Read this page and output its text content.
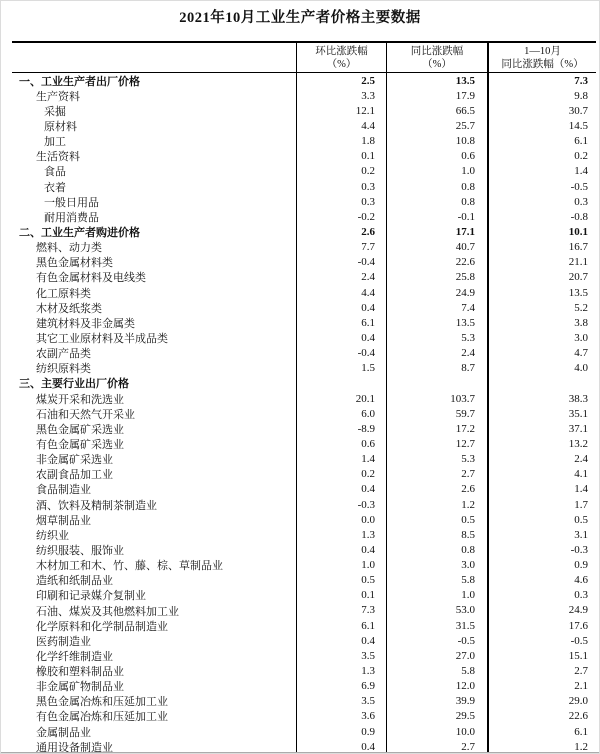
2021年10月工业生产者价格主要数据
环比涨跌幅
（%）
同比涨跌幅
（%）
1—10月
同比涨跌幅（%）
一、工业生产者出厂价格	2.5	13.5	7.3
生产资料	3.3	17.9	9.8
采掘	12.1	66.5	30.7
原材料	4.4	25.7	14.5
加工	1.8	10.8	6.1
生活资料	0.1	0.6	0.2
食品	0.2	1.0	1.4
衣着	0.3	0.8	-0.5
一般日用品	0.3	0.8	0.3
耐用消费品	-0.2	-0.1	-0.8
二、工业生产者购进价格	2.6	17.1	10.1
燃料、动力类	7.7	40.7	16.7
黑色金属材料类	-0.4	22.6	21.1
有色金属材料及电线类	2.4	25.8	20.7
化工原料类	4.4	24.9	13.5
木材及纸浆类	0.4	7.4	5.2
建筑材料及非金属类	6.1	13.5	3.8
其它工业原材料及半成品类	0.4	5.3	3.0
农副产品类	-0.4	2.4	4.7
纺织原料类	1.5	8.7	4.0
三、主要行业出厂价格
煤炭开采和洗选业	20.1	103.7	38.3
石油和天然气开采业	6.0	59.7	35.1
黑色金属矿采选业	-8.9	17.2	37.1
有色金属矿采选业	0.6	12.7	13.2
非金属矿采选业	1.4	5.3	2.4
农副食品加工业	0.2	2.7	4.1
食品制造业	0.4	2.6	1.4
酒、饮料及精制茶制造业	-0.3	1.2	1.7
烟草制品业	0.0	0.5	0.5
纺织业	1.3	8.5	3.1
纺织服装、服饰业	0.4	0.8	-0.3
木材加工和木、竹、藤、棕、草制品业	1.0	3.0	0.9
造纸和纸制品业	0.5	5.8	4.6
印刷和记录媒介复制业	0.1	1.0	0.3
石油、煤炭及其他燃料加工业	7.3	53.0	24.9
化学原料和化学制品制造业	6.1	31.5	17.6
医药制造业	0.4	-0.5	-0.5
化学纤维制造业	3.5	27.0	15.1
橡胶和塑料制品业	1.3	5.8	2.7
非金属矿物制品业	6.9	12.0	2.1
黑色金属冶炼和压延加工业	3.5	39.9	29.0
有色金属冶炼和压延加工业	3.6	29.5	22.6
金属制品业	0.9	10.0	6.1
通用设备制造业	0.4	2.7	1.2
